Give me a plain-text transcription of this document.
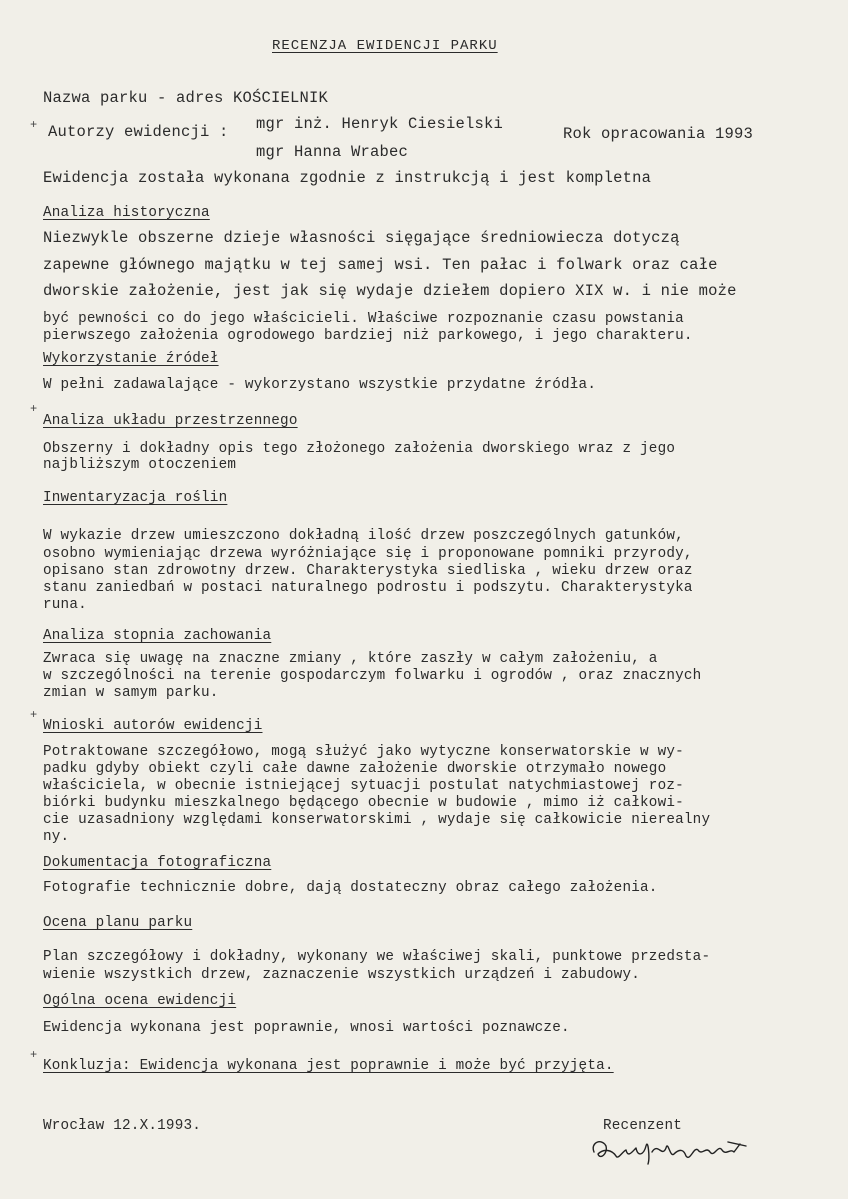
RECENZJA EWIDENCJI PARKU
Nazwa parku - adres KOŚCIELNIK
+ Autorzy ewidencji : mgr inż. Henryk Ciesielski
mgr Hanna Wrabec
Rok opracowania 1993
Ewidencja została wykonana zgodnie z instrukcją i jest kompletna
Analiza historyczna
Niezwykle obszerne dzieje własności sięgające średniowiecza dotyczą
zapewne głównego majątku w tej samej wsi. Ten pałac i folwark oraz całe
dworskie założenie, jest jak się wydaje dziełem dopiero XIX w. i nie może
być pewności co do jego właścicieli. Właściwe rozpoznanie czasu powstania
pierwszego założenia ogrodowego bardziej niż parkowego, i jego charakteru.
Wykorzystanie źródeł
W pełni zadawalające - wykorzystano wszystkie przydatne źródła.
+
Analiza układu przestrzennego
Obszerny i dokładny opis tego złożonego założenia dworskiego wraz z jego
najbliższym otoczeniem
Inwentaryzacja roślin
W wykazie drzew umieszczono dokładną ilość drzew poszczególnych gatunków,
osobno wymieniając drzewa wyróżniające się i proponowane pomniki przyrody,
opisano stan zdrowotny drzew. Charakterystyka siedliska , wieku drzew oraz
stanu zaniedbań w postaci naturalnego podrostu i podszytu. Charakterystyka
runa.
Analiza stopnia zachowania
Zwraca się uwagę na znaczne zmiany , które zaszły w całym założeniu, a
w szczególności na terenie gospodarczym folwarku i ogrodów , oraz znacznych
zmian w samym parku.
+
Wnioski autorów ewidencji
Potraktowane szczegółowo, mogą służyć jako wytyczne konserwatorskie w wy-
padku gdyby obiekt czyli całe dawne założenie dworskie otrzymało nowego
właściciela, w obecnie istniejącej sytuacji postulat natychmiastowej roz-
biórki budynku mieszkalnego będącego obecnie w budowie , mimo iż całkowi-
cie uzasadniony względami konserwatorskimi , wydaje się całkowicie nierealny
ny.
Dokumentacja fotograficzna
Fotografie technicznie dobre, dają dostateczny obraz całego założenia.
Ocena planu parku
Plan szczegółowy i dokładny, wykonany we właściwej skali, punktowe przedsta-
wienie wszystkich drzew, zaznaczenie wszystkich urządzeń i zabudowy.
Ogólna ocena ewidencji
Ewidencja wykonana jest poprawnie, wnosi wartości poznawcze.
+
Konkluzja: Ewidencja wykonana jest poprawnie i może być przyjęta.
Wrocław 12.X.1993.	Recenzent
